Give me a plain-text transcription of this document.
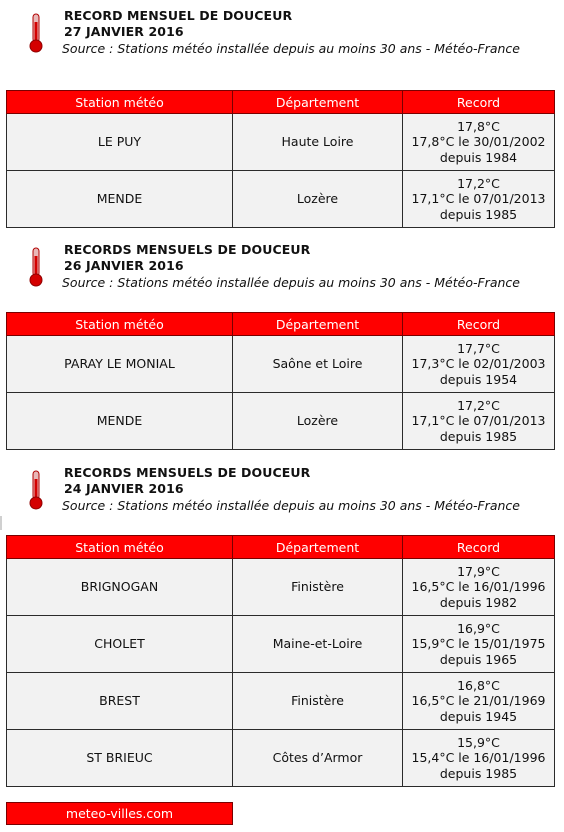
RECORD MENSUEL DE DOUCEUR
27 JANVIER 2016
Source : Stations météo installée depuis au moins 30 ans - Météo-France
Station météo	Département	Record
LE PUY	Haute Loire	17,8°C
17,8°C le 30/01/2002
depuis 1984

MENDE	Lozère	17,2°C
17,1°C le 07/01/2013
depuis 1985
RECORDS MENSUELS DE DOUCEUR
26 JANVIER 2016
Source : Stations météo installée depuis au moins 30 ans - Météo-France
Station météo	Département	Record
PARAY LE MONIAL	Saône et Loire	17,7°C
17,3°C le 02/01/2003
depuis 1954

MENDE	Lozère	17,2°C
17,1°C le 07/01/2013
depuis 1985
RECORDS MENSUELS DE DOUCEUR
24 JANVIER 2016
Source : Stations météo installée depuis au moins 30 ans - Météo-France
Station météo	Département	Record
BRIGNOGAN	Finistère	17,9°C
16,5°C le 16/01/1996
depuis 1982

CHOLET	Maine-et-Loire	16,9°C
15,9°C le 15/01/1975
depuis 1965

BREST	Finistère	16,8°C
16,5°C le 21/01/1969
depuis 1945

ST BRIEUC	Côtes d’Armor	15,9°C
15,4°C le 16/01/1996
depuis 1985
meteo-villes.com
